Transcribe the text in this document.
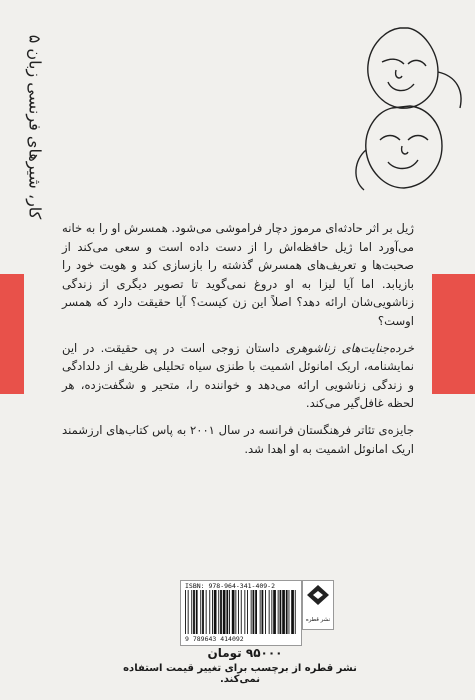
کار، شیرهای فرنسی زبان ۵

ژیل بر اثر حادثه‌ای مرموز دچار فراموشی می‌شود. همسرش او را به خانه می‌آورد اما ژیل حافظه‌اش را از دست داده است و سعی می‌کند از صحبت‌ها و تعریف‌های همسرش گذشته را بازسازی کند و هویت خود را بازیابد. اما آیا لیزا به او دروغ نمی‌گوید تا تصویر دیگری از زندگی زناشویی‌شان ارائه دهد؟ اصلاً این زن کیست؟ آیا حقیقت دارد که همسر اوست؟

خرده‌جنایت‌های زناشوهری داستان زوجی است در پی حقیقت. در این نمایشنامه، اریک امانوئل اشمیت با طنزی سیاه تحلیلی ظریف از دلدادگی و زندگی زناشویی ارائه می‌دهد و خواننده را، متحیر و شگفت‌زده، هر لحظه غافل‌گیر می‌کند.

جایزه‌ی تئاتر فرهنگستان فرانسه در سال ۲۰۰۱ به پاس کتاب‌های ارزشمند اریک امانوئل اشمیت به او اهدا شد.

ISBN: 978-964-341-409-2
9 789643 414092
نشر قطره
۹۵۰۰۰ تومان
نشر قطره از برچسب برای تغییر قیمت استفاده نمی‌کند.
